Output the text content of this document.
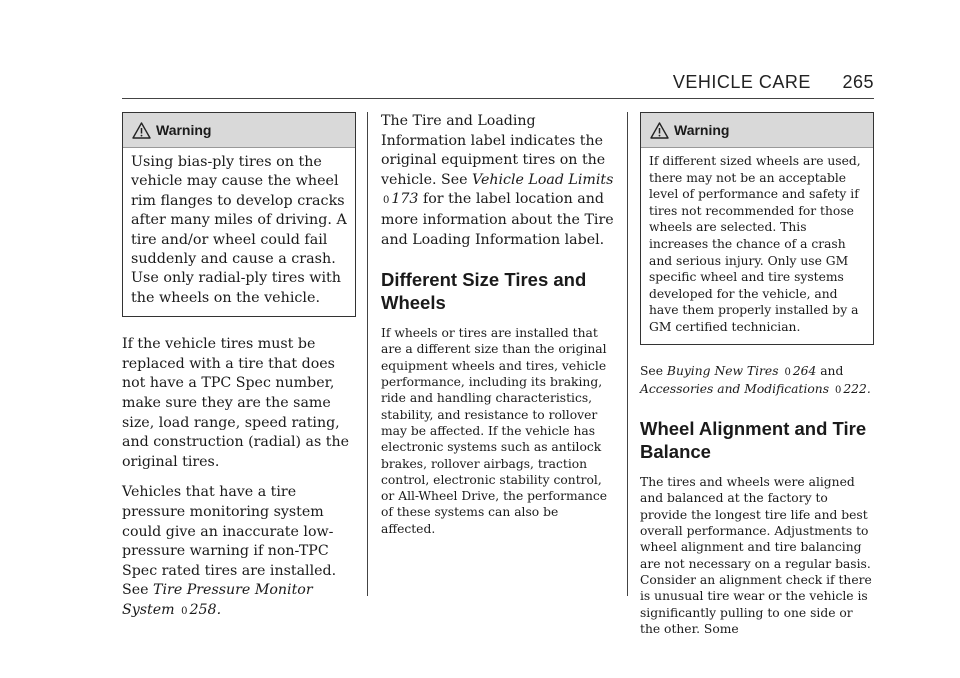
VEHICLE CARE 265
Warning

Using bias-ply tires on the vehicle may cause the wheel rim flanges to develop cracks after many miles of driving. A tire and/or wheel could fail suddenly and cause a crash. Use only radial-ply tires with the wheels on the vehicle.

If the vehicle tires must be replaced with a tire that does not have a TPC Spec number, make sure they are the same size, load range, speed rating, and construction (radial) as the original tires.

Vehicles that have a tire pressure monitoring system could give an inaccurate low-pressure warning if non-TPC Spec rated tires are installed. See Tire Pressure Monitor System 0 258.

The Tire and Loading Information label indicates the original equipment tires on the vehicle. See Vehicle Load Limits 0 173 for the label location and more information about the Tire and Loading Information label.

Different Size Tires and Wheels

If wheels or tires are installed that are a different size than the original equipment wheels and tires, vehicle performance, including its braking, ride and handling characteristics, stability, and resistance to rollover may be affected. If the vehicle has electronic systems such as antilock brakes, rollover airbags, traction control, electronic stability control, or All-Wheel Drive, the performance of these systems can also be affected.

Warning

If different sized wheels are used, there may not be an acceptable level of performance and safety if tires not recommended for those wheels are selected. This increases the chance of a crash and serious injury. Only use GM specific wheel and tire systems developed for the vehicle, and have them properly installed by a GM certified technician.

See Buying New Tires 0 264 and
Accessories and Modifications 0 222.

Wheel Alignment and Tire Balance

The tires and wheels were aligned and balanced at the factory to provide the longest tire life and best overall performance. Adjustments to wheel alignment and tire balancing are not necessary on a regular basis. Consider an alignment check if there is unusual tire wear or the vehicle is significantly pulling to one side or the other. Some
